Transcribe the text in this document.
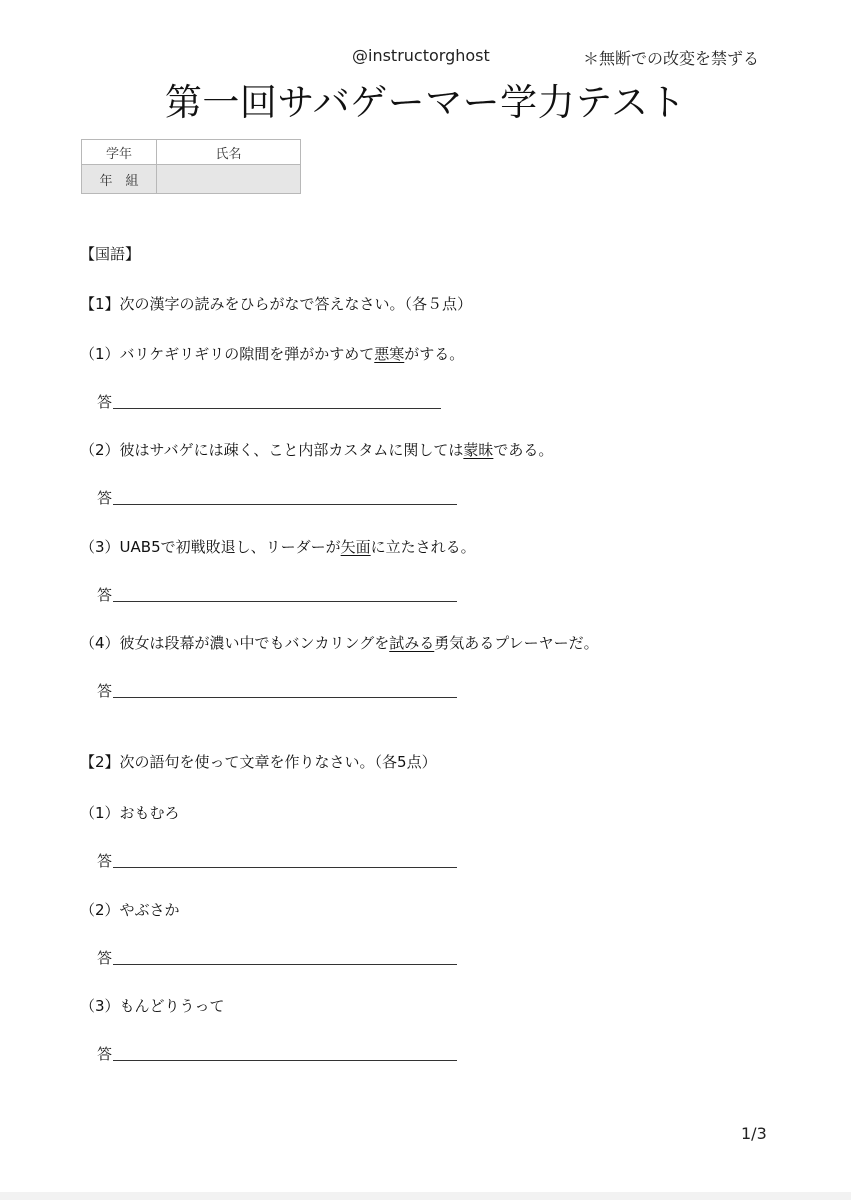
@instructorghost	＊無断での改変を禁ずる
第一回サバゲーマー学力テスト
学年	氏名
年　組	
【国語】
【1】次の漢字の読みをひらがなで答えなさい。（各５点）
（1）バリケギリギリの隙間を弾がかすめて悪寒がする。
答
（2）彼はサバゲには疎く、こと内部カスタムに関しては蒙昧である。
答
（3）UAB5で初戦敗退し、リーダーが矢面に立たされる。
答
（4）彼女は段幕が濃い中でもバンカリングを試みる勇気あるプレーヤーだ。
答
【2】次の語句を使って文章を作りなさい。（各5点）
（1）おもむろ
答
（2）やぶさか
答
（3）もんどりうって
答
1/3
